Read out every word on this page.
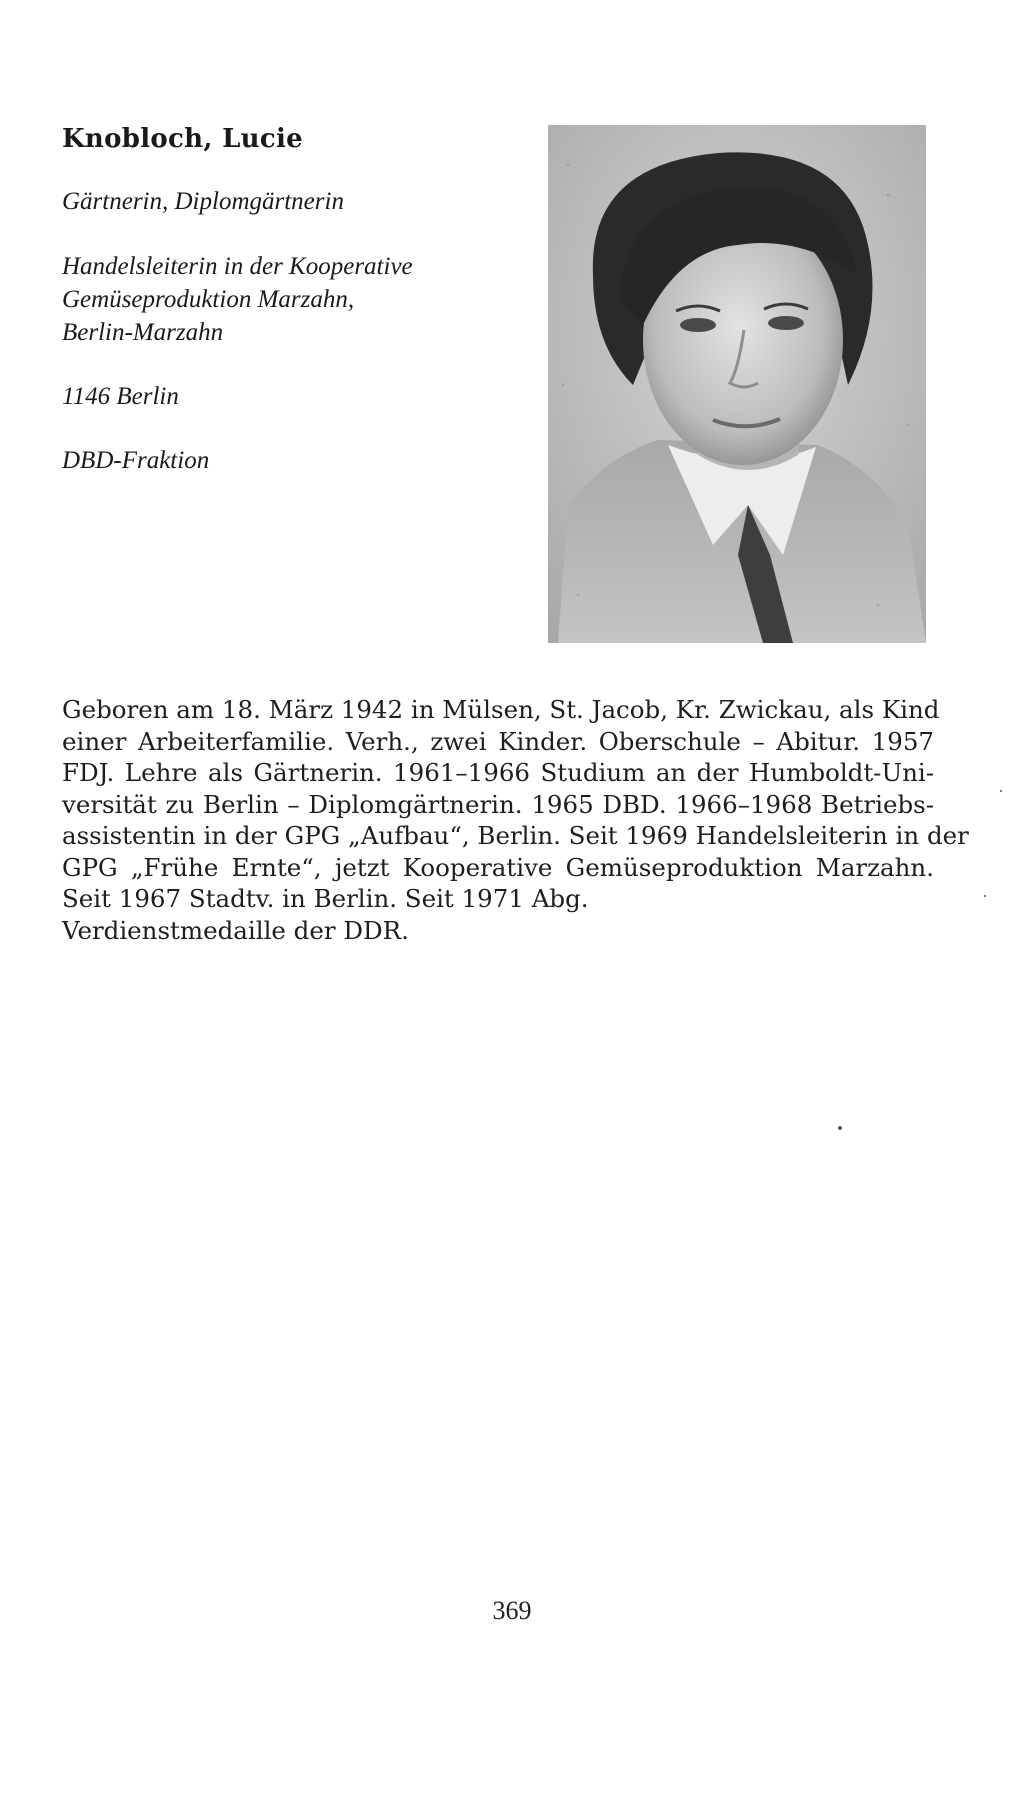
Knobloch, Lucie
Gärtnerin, Diplomgärtnerin
Handelsleiterin in der Kooperative
Gemüseproduktion Marzahn,
Berlin-Marzahn
1146 Berlin
DBD-Fraktion
Geboren am 18. März 1942 in Mülsen, St. Jacob, Kr. Zwickau, als Kind
einer Arbeiterfamilie. Verh., zwei Kinder. Oberschule – Abitur. 1957
FDJ. Lehre als Gärtnerin. 1961–1966 Studium an der Humboldt-Uni-
versität zu Berlin – Diplomgärtnerin. 1965 DBD. 1966–1968 Betriebs-
assistentin in der GPG „Aufbau“, Berlin. Seit 1969 Handelsleiterin in der
GPG „Frühe Ernte“, jetzt Kooperative Gemüseproduktion Marzahn.
Seit 1967 Stadtv. in Berlin. Seit 1971 Abg.
Verdienstmedaille der DDR.
369
